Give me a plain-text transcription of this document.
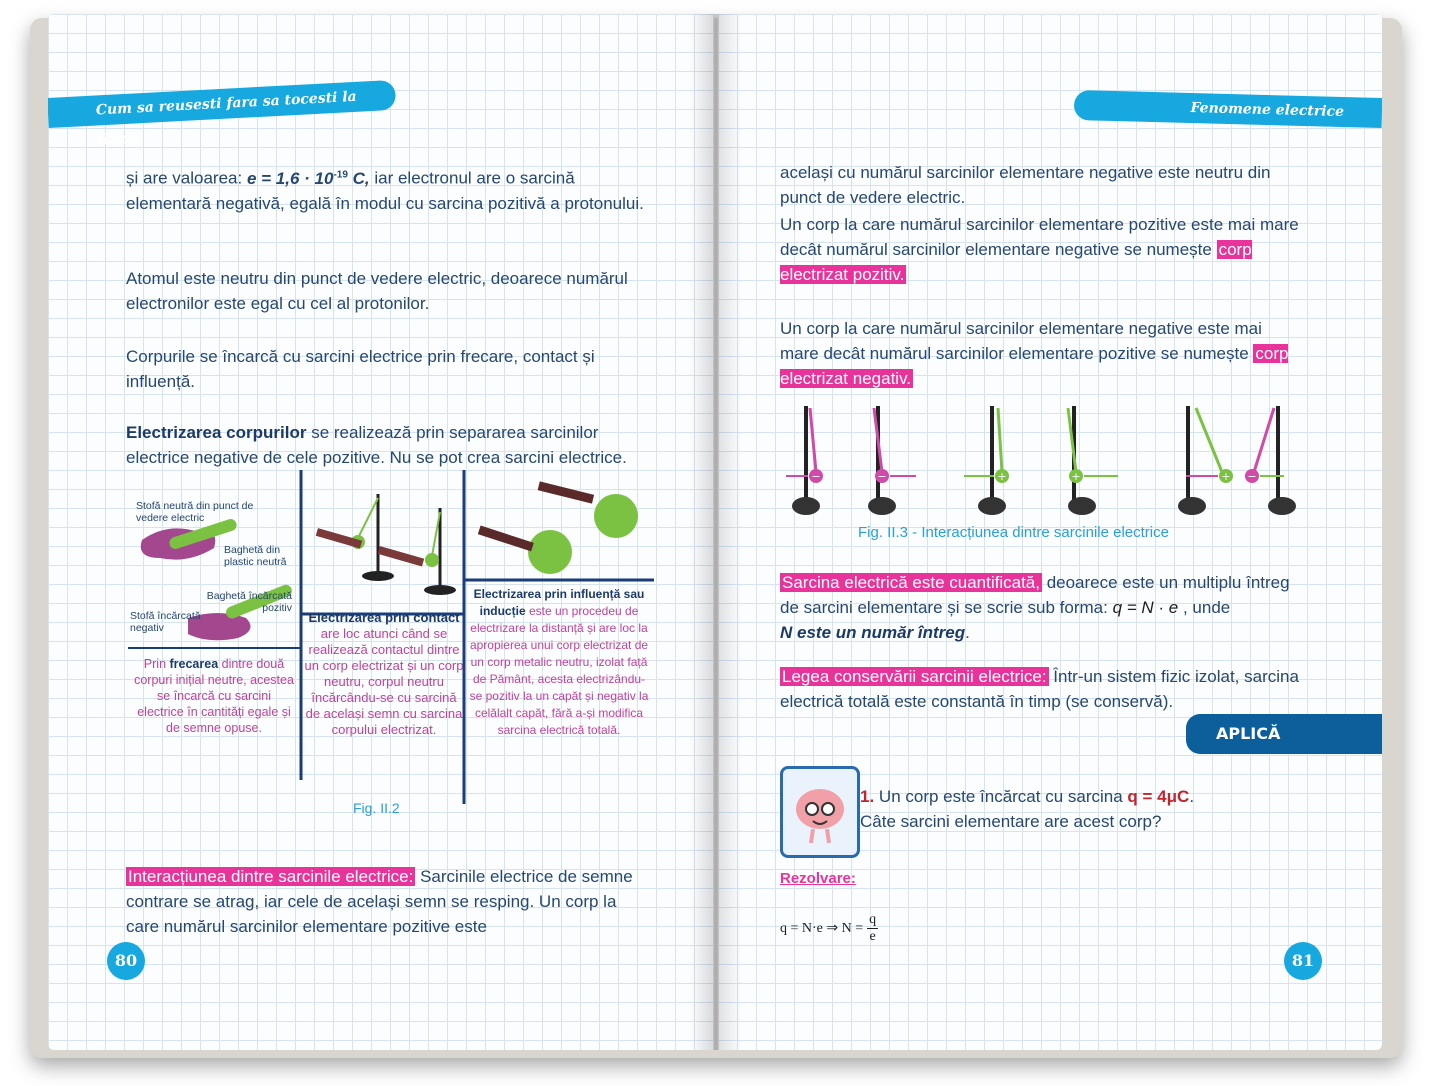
Cum sa reusesti fara sa tocesti la fizica
și are valoarea: $e = 1,6 \cdot 10^{-19}$ C, iar electronul are o sarcină elementară negativă, egală în modul cu sarcina pozitivă a protonului.
Atomul este neutru din punct de vedere electric, deoarece numărul electronilor este egal cu cel al protonilor.
Corpurile se încarcă cu sarcini electrice prin frecare, contact și influență.
Electrizarea corpurilor se realizează prin separarea sarcinilor electrice negative de cele pozitive. Nu se pot crea sarcini electrice.
Stofă neutră din punct de vedere electric
Baghetă din plastic neutră
Baghetă încărcată pozitiv
Stofă încărcată negativ
Prin frecarea dintre două corpuri inițial neutre, acestea se încarcă cu sarcini electrice în cantități egale și de semne opuse.
Electrizarea prin contact are loc atunci când se realizează contactul dintre un corp electrizat și un corp neutru, corpul neutru încărcându-se cu sarcină de același semn cu sarcina corpului electrizat.
Electrizarea prin influență sau inducție este un procedeu de electrizare la distanță și are loc la apropierea unui corp electrizat de un corp metalic neutru, izolat față de Pământ, acesta electrizându-se pozitiv la un capăt și negativ la celălalt capăt, fără a-și modifica sarcina electrică totală.
Fig. II.2
Interacțiunea dintre sarcinile electrice: Sarcinile electrice de semne contrare se atrag, iar cele de același semn se resping. Un corp la care numărul sarcinilor elementare pozitive este
80
Fenomene electrice
același cu numărul sarcinilor elementare negative este neutru din punct de vedere electric.
Un corp la care numărul sarcinilor elementare pozitive este mai mare decât numărul sarcinilor elementare negative se numește corp electrizat pozitiv.
Un corp la care numărul sarcinilor elementare negative este mai mare decât numărul sarcinilor elementare pozitive se numește corp electrizat negativ.
−	−	+	+	+ −
Fig. II.3 - Interacțiunea dintre sarcinile electrice
Sarcina electrică este cuantificată, deoarece este un multiplu întreg de sarcini elementare și se scrie sub forma: q = N · e , unde
N este un număr întreg.
Legea conservării sarcinii electrice: Într-un sistem fizic izolat, sarcina electrică totală este constantă în timp (se conservă).
APLICĂ
1. Un corp este încărcat cu sarcina q = 4μC.
Câte sarcini elementare are acest corp?
Rezolvare:
q = N·e ⇒ $N = \frac{q}{e}$
81
